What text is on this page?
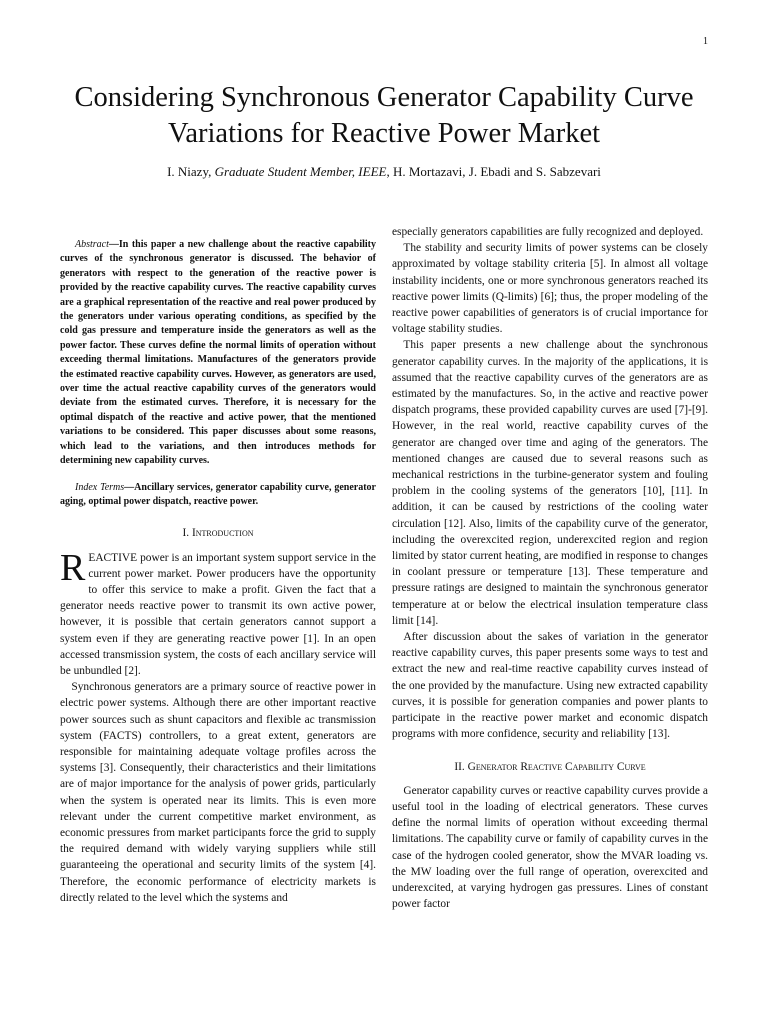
1
Considering Synchronous Generator Capability Curve Variations for Reactive Power Market
I. Niazy, Graduate Student Member, IEEE, H. Mortazavi, J. Ebadi and S. Sabzevari

Abstract—In this paper a new challenge about the reactive capability curves of the synchronous generator is discussed. The behavior of generators with respect to the generation of the reactive power is provided by the reactive capability curves. The reactive capability curves are a graphical representation of the reactive and real power produced by the generators under various operating conditions, as specified by the cold gas pressure and temperature inside the generators as well as the power factor. These curves define the normal limits of operation without exceeding thermal limitations. Manufactures of the generators provide the estimated reactive capability curves. However, as generators are used, over time the actual reactive capability curves of the generators would deviate from the estimated curves. Therefore, it is necessary for the optimal dispatch of the reactive and active power, that the mentioned variations to be considered. This paper discusses about some reasons, which lead to the variations, and then introduces methods for determining new capability curves.

Index Terms—Ancillary services, generator capability curve, generator aging, optimal power dispatch, reactive power.

I. Introduction

REACTIVE power is an important system support service in the current power market. Power producers have the opportunity to offer this service to make a profit. Given the fact that a generator needs reactive power to transmit its own active power, however, it is possible that certain generators cannot support a system even if they are generating reactive power [1]. In an open accessed transmission system, the costs of each ancillary service will be unbundled [2].

Synchronous generators are a primary source of reactive power in electric power systems. Although there are other important reactive power sources such as shunt capacitors and flexible ac transmission system (FACTS) controllers, to a great extent, generators are responsible for maintaining adequate voltage profiles across the systems [3]. Consequently, their characteristics and their limitations are of major importance for the analysis of power grids, particularly when the system is operated near its limits. This is even more relevant under the current competitive market environment, as economic pressures from market participants force the grid to supply the required demand with widely varying suppliers while still guaranteeing the operational and security limits of the system [4]. Therefore, the economic performance of electricity markets is directly related to the level which the systems and

especially generators capabilities are fully recognized and deployed.

The stability and security limits of power systems can be closely approximated by voltage stability criteria [5]. In almost all voltage instability incidents, one or more synchronous generators reached its reactive power limits (Q-limits) [6]; thus, the proper modeling of the reactive power capabilities of generators is of crucial importance for voltage stability studies.

This paper presents a new challenge about the synchronous generator capability curves. In the majority of the applications, it is assumed that the reactive capability curves of the generators are as estimated by the manufactures. So, in the active and reactive power dispatch programs, these provided capability curves are used [7]-[9]. However, in the real world, reactive capability curves of the generator are changed over time and aging of the generators. The mentioned changes are caused due to several reasons such as mechanical restrictions in the turbine-generator system and fouling problem in the cooling systems of the generators [10], [11]. In addition, it can be caused by restrictions of the cooling water circulation [12]. Also, limits of the capability curve of the generator, including the overexcited region, underexcited region and region limited by stator current heating, are modified in response to changes in coolant pressure or temperature [13]. These temperature and pressure ratings are designed to maintain the synchronous generator temperature at or below the electrical insulation temperature class limit [14].

After discussion about the sakes of variation in the generator reactive capability curves, this paper presents some ways to test and extract the new and real-time reactive capability curves instead of the one provided by the manufacture. Using new extracted capability curves, it is possible for generation companies and power plants to participate in the reactive power market and economic dispatch programs with more confidence, security and reliability [13].

II. Generator Reactive Capability Curve

Generator capability curves or reactive capability curves provide a useful tool in the loading of electrical generators. These curves define the normal limits of operation without exceeding thermal limitations. The capability curve or family of capability curves in the case of the hydrogen cooled generator, show the MVAR loading vs. the MW loading over the full range of operation, overexcited and underexcited, at varying hydrogen gas pressures. Lines of constant power factor
